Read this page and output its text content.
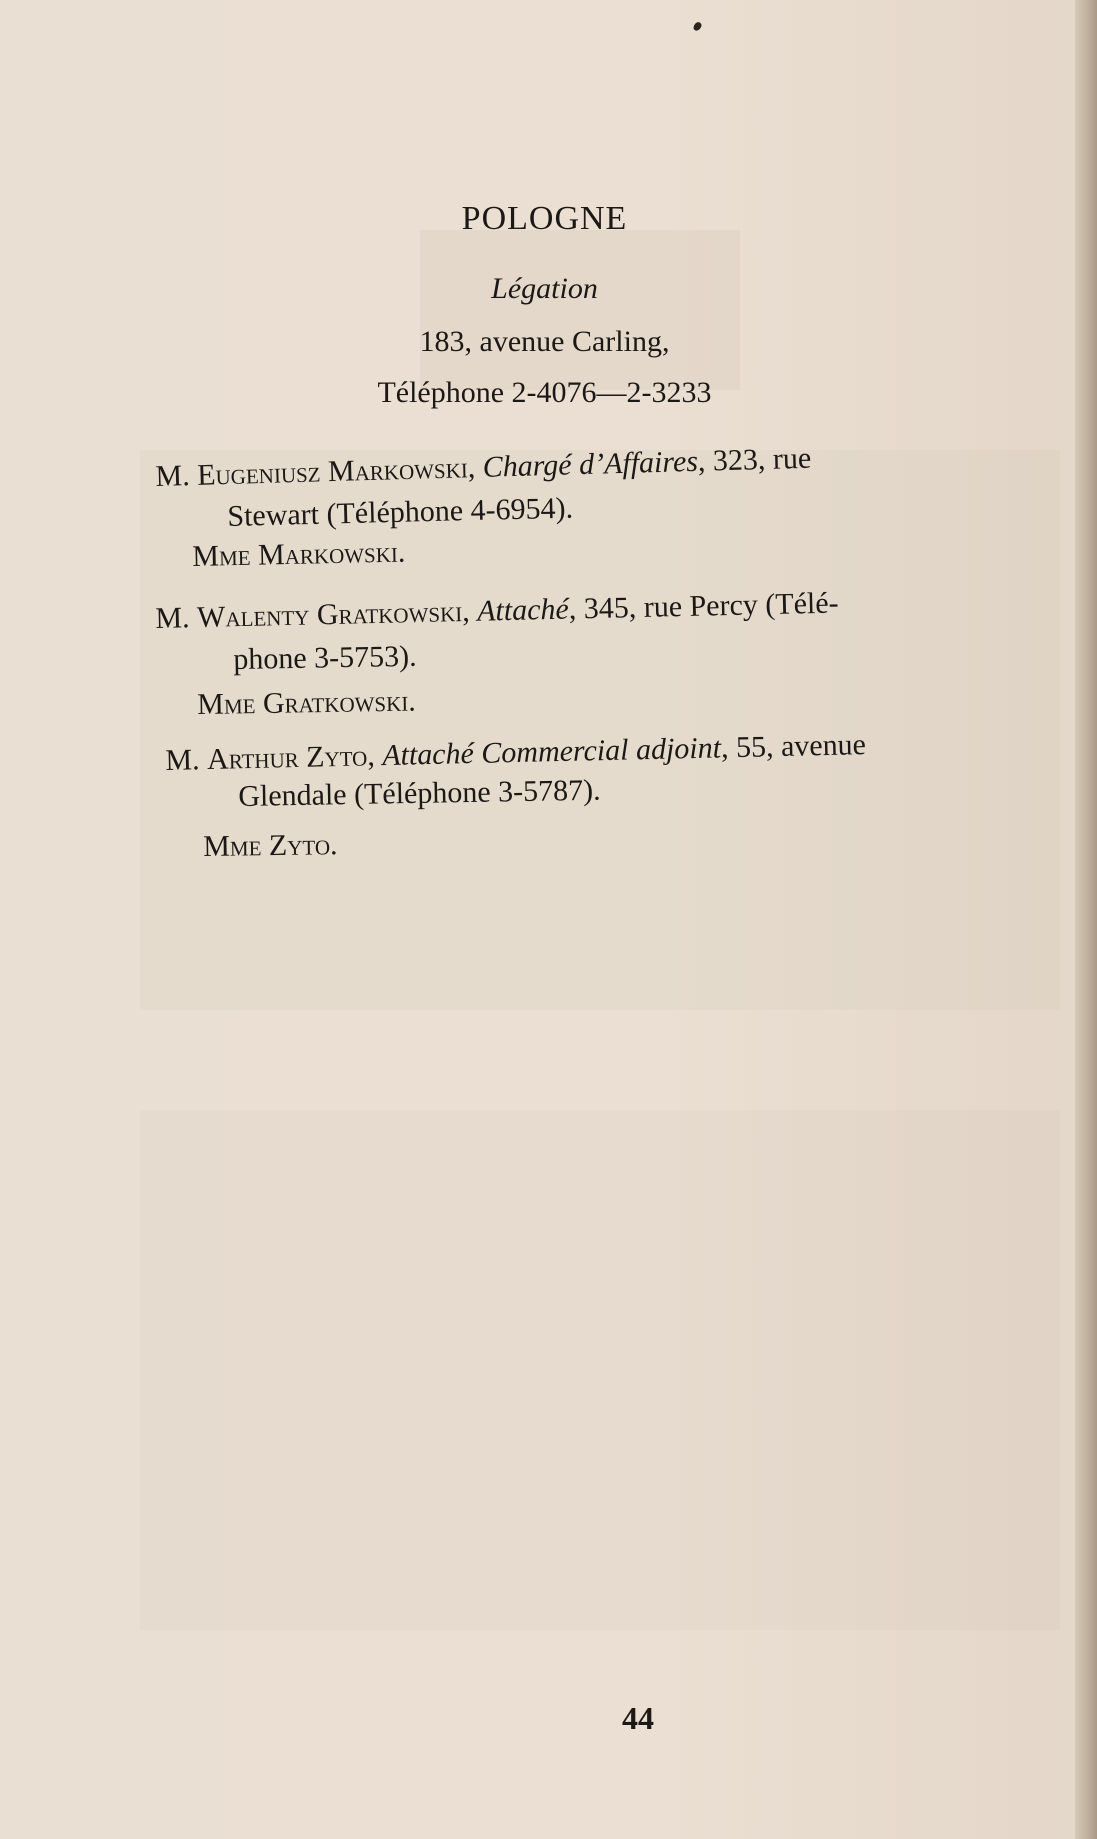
POLOGNE
Légation
183, avenue Carling,
Téléphone 2-4076—2-3233
M. Eugeniusz Markowski, Chargé d’Affaires, 323, rue
Stewart (Téléphone 4-6954).
Mme Markowski.
M. Walenty Gratkowski, Attaché, 345, rue Percy (Télé-
phone 3-5753).
Mme Gratkowski.
M. Arthur Zyto, Attaché Commercial adjoint, 55, avenue
Glendale (Téléphone 3-5787).
Mme Zyto.
44
